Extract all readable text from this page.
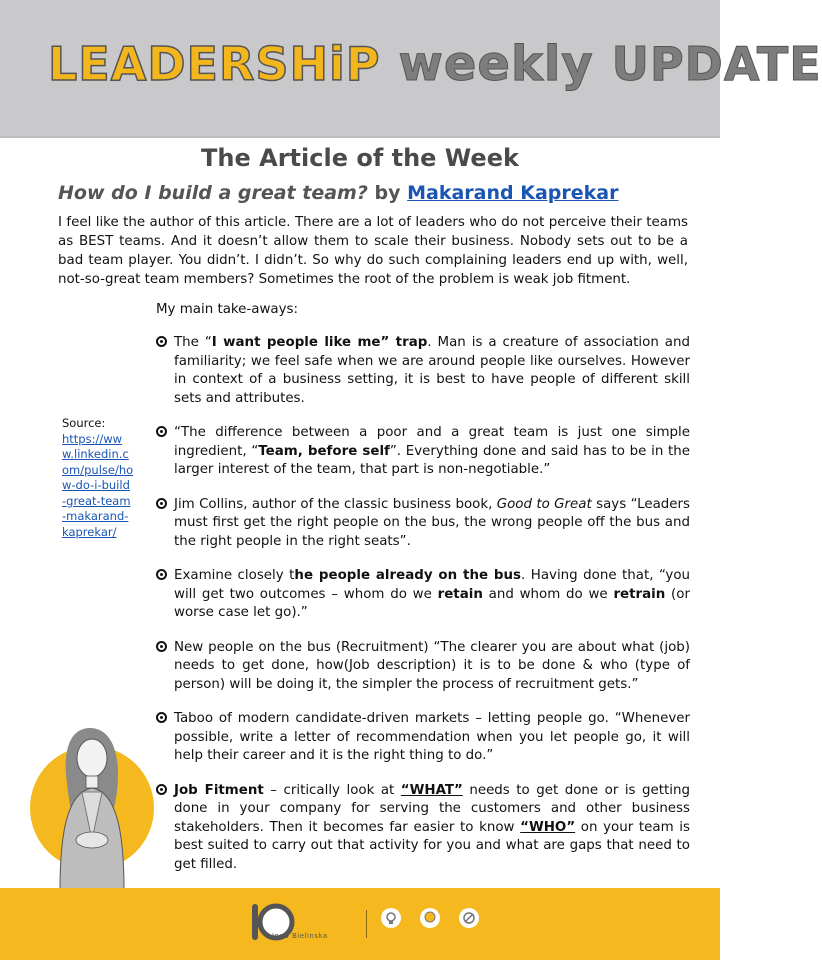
LEADERSHiP weekly UPDATE
The Article of the Week
How do I build a great team? by Makarand Kaprekar
I feel like the author of this article. There are a lot of leaders who do not perceive their teams as BEST teams. And it doesn’t allow them to scale their business. Nobody sets out to be a bad team player. You didn’t. I didn’t. So why do such complaining leaders end up with, well, not-so-great team members? Sometimes the root of the problem is weak job fitment.
My main take-aways:
The “I want people like me” trap. Man is a creature of association and familiarity; we feel safe when we are around people like ourselves. However in context of a business setting, it is best to have people of different skill sets and attributes.
“The difference between a poor and a great team is just one simple ingredient, “Team, before self”. Everything done and said has to be in the larger interest of the team, that part is non-negotiable.”
Jim Collins, author of the classic business book, Good to Great says “Leaders must first get the right people on the bus, the wrong people off the bus and the right people in the right seats”.
Examine closely the people already on the bus. Having done that, “you will get two outcomes – whom do we retain and whom do we retrain (or worse case let go).”
New people on the bus (Recruitment) “The clearer you are about what (job) needs to get done, how(Job description) it is to be done & who (type of person) will be doing it, the simpler the process of recruitment gets.”
Taboo of modern candidate-driven markets – letting people go. “Whenever possible, write a letter of recommendation when you let people go, it will help their career and it is the right thing to do.”
Job Fitment – critically look at “WHAT” needs to get done or is getting done in your company for serving the customers and other business stakeholders. Then it becomes far easier to know “WHO” on your team is best suited to carry out that activity for you and what are gaps that need to get filled.
Source:
https://www.linkedin.com/pulse/how-do-i-build-great-team-makarand-kaprekar/
Inga Bielinska
